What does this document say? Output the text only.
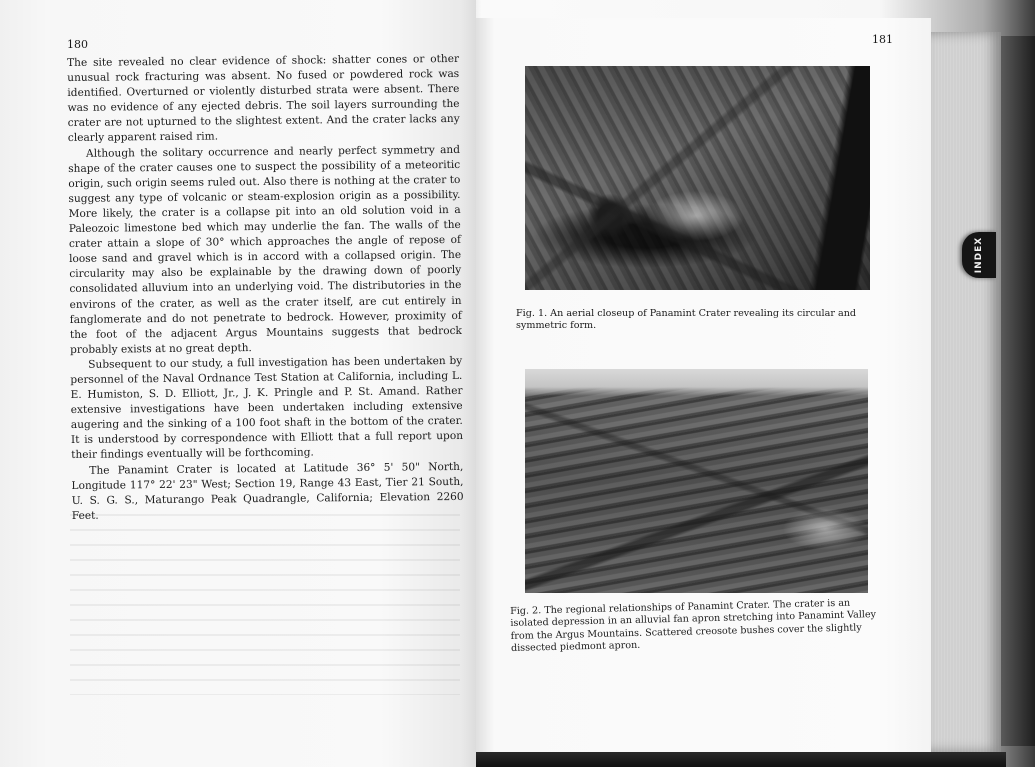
180

The site revealed no clear evidence of shock: shatter cones or other unusual rock fracturing was absent. No fused or powdered rock was identified. Overturned or violently disturbed strata were absent. There was no evidence of any ejected debris. The soil layers surrounding the crater are not upturned to the slightest extent. And the crater lacks any clearly apparent raised rim.

Although the solitary occurrence and nearly perfect symmetry and shape of the crater causes one to suspect the possibility of a meteoritic origin, such origin seems ruled out. Also there is nothing at the crater to suggest any type of volcanic or steam-explosion origin as a possibility. More likely, the crater is a collapse pit into an old solution void in a Paleozoic limestone bed which may underlie the fan. The walls of the crater attain a slope of 30° which approaches the angle of repose of loose sand and gravel which is in accord with a collapsed origin. The circularity may also be explainable by the drawing down of poorly consolidated alluvium into an underlying void. The distributories in the environs of the crater, as well as the crater itself, are cut entirely in fanglomerate and do not penetrate to bedrock. However, proximity of the foot of the adjacent Argus Mountains suggests that bedrock probably exists at no great depth.

Subsequent to our study, a full investigation has been undertaken by personnel of the Naval Ordnance Test Station at California, including L. E. Humiston, S. D. Elliott, Jr., J. K. Pringle and P. St. Amand. Rather extensive investigations have been undertaken including extensive augering and the sinking of a 100 foot shaft in the bottom of the crater. It is understood by correspondence with Elliott that a full report upon their findings eventually will be forthcoming.

The Panamint Crater is located at Latitude 36° 5' 50" North, Longitude 117° 22' 23" West; Section 19, Range 43 East, Tier 21 South, U. S. G. S., Maturango Peak Quadrangle, California; Elevation 2260 Feet.

181
Fig. 1. An aerial closeup of Panamint Crater revealing its circular and symmetric form.
Fig. 2. The regional relationships of Panamint Crater. The crater is an isolated depression in an alluvial fan apron stretching into Panamint Valley from the Argus Mountains. Scattered creosote bushes cover the slightly dissected piedmont apron.
INDEX
